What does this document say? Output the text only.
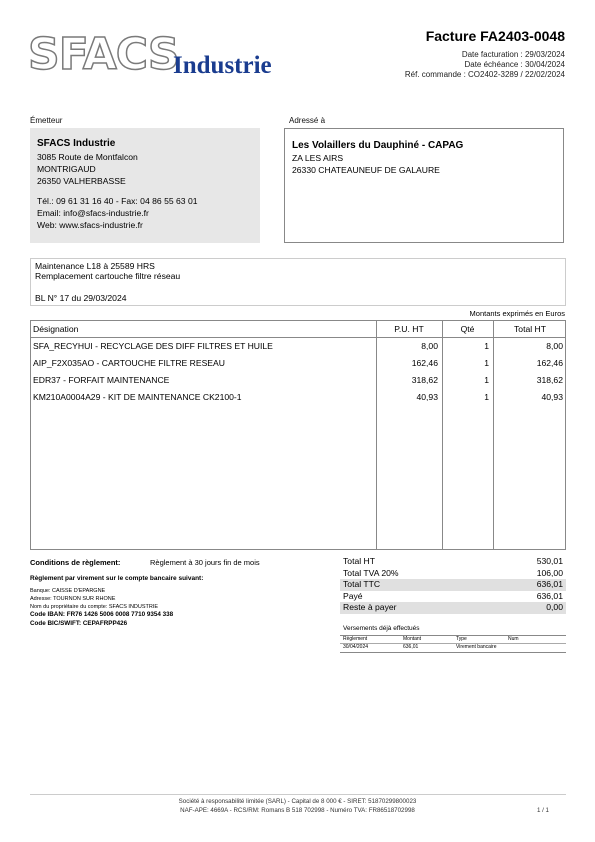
SFACS
Industrie
Facture FA2403-0048
Date facturation : 29/03/2024
Date échéance : 30/04/2024
Réf. commande : CO2402-3289 / 22/02/2024
Émetteur
SFACS Industrie
3085 Route de Montfalcon
MONTRIGAUD
26350 VALHERBASSE
Tél.: 09 61 31 16 40 - Fax: 04 86 55 63 01
Email: info@sfacs-industrie.fr
Web: www.sfacs-industrie.fr
Adressé à
Les Volaillers du Dauphiné - CAPAG
ZA LES AIRS
26330 CHATEAUNEUF DE GALAURE
Maintenance L18 à 25589 HRS
Remplacement cartouche filtre réseau
BL N° 17 du 29/03/2024
Montants exprimés en Euros
Désignation	P.U. HT	Qté	Total HT
SFA_RECYHUI - RECYCLAGE DES DIFF FILTRES ET HUILE	8,00	1	8,00
AIP_F2X035AO - CARTOUCHE FILTRE RESEAU	162,46	1	162,46
EDR37 - FORFAIT MAINTENANCE	318,62	1	318,62
KM210A0004A29 - KIT DE MAINTENANCE CK2100-1	40,93	1	40,93
Conditions de règlement:	Règlement à 30 jours fin de mois
Règlement par virement sur le compte bancaire suivant:
Banque: CAISSE D'EPARGNE
Adresse: TOURNON SUR RHONE
Nom du propriétaire du compte: SFACS INDUSTRIE
Code IBAN: FR76 1426 5006 0008 7710 9354 338
Code BIC/SWIFT: CEPAFRPP426
Total HT	530,01
Total TVA 20%	106,00
Total TTC	636,01
Payé	636,01
Reste à payer	0,00
Versements déjà effectués
Règlement	Montant	Type	Num
30/04/2024	636,01	Virement bancaire
Société à responsabilité limitée (SARL) - Capital de 8 000 € - SIRET: 51870299800023
NAF-APE: 4669A - RCS/RM: Romans B 518 702998 - Numéro TVA: FR86518702998	1 / 1
